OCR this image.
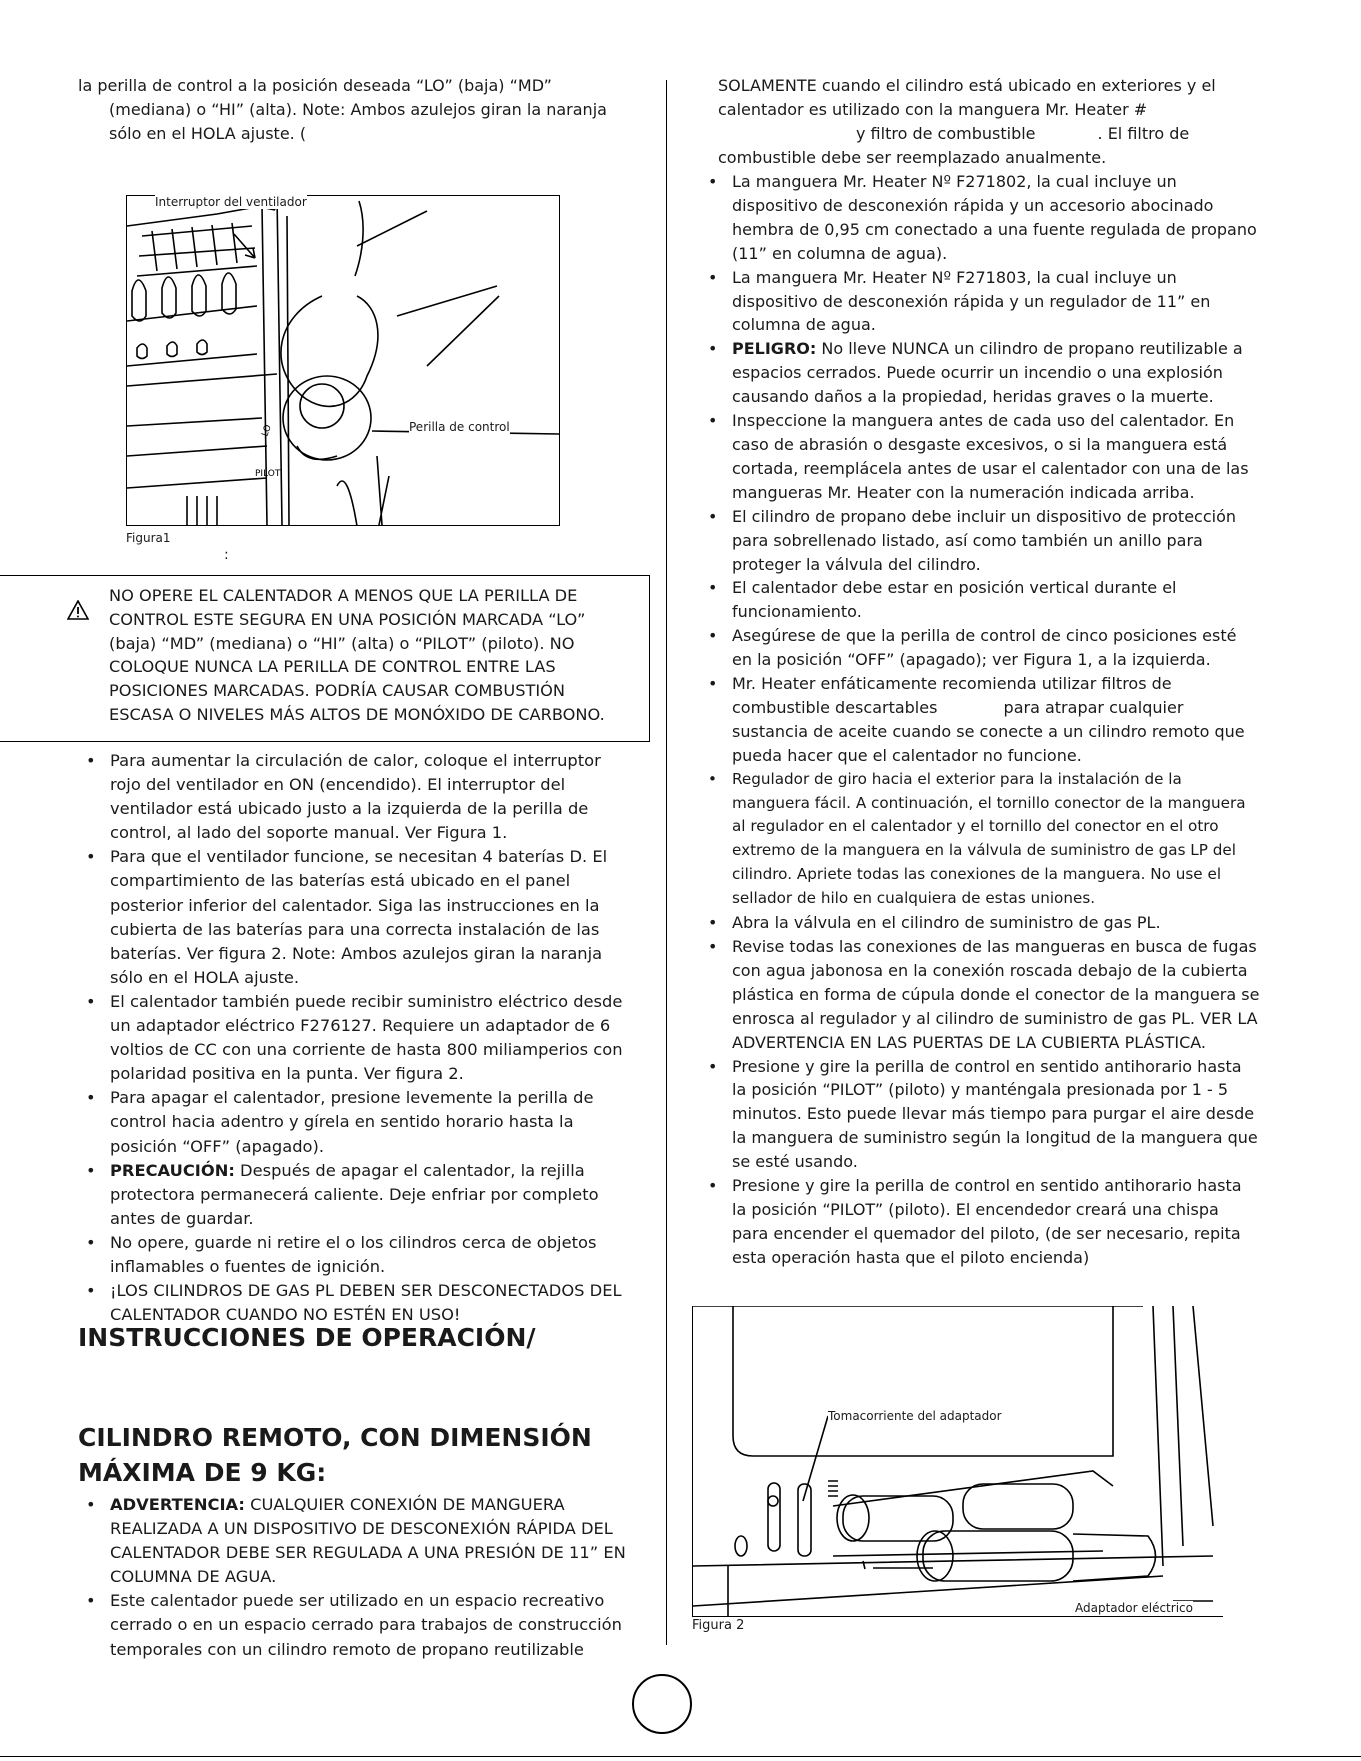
la perilla de control a la posición deseada “LO” (baja) “MD”

(mediana) o “HI” (alta). Note: Ambos azulejos giran la naranja

sólo en el HOLA ajuste. (

LO
PILOT
Interruptor del ventilador
Perilla de control
Figura1
:

NO OPERE EL CALENTADOR A MENOS QUE LA PERILLA DE CONTROL ESTE SEGURA EN UNA POSICIÓN MARCADA “LO” (baja) “MD” (mediana) o “HI” (alta) o “PILOT” (piloto). NO COLOQUE NUNCA LA PERILLA DE CONTROL ENTRE LAS POSICIONES MARCADAS. PODRÍA CAUSAR COMBUSTIÓN ESCASA O NIVELES MÁS ALTOS DE MONÓXIDO DE CARBONO.

• Para aumentar la circulación de calor, coloque el interruptor rojo del ventilador en ON (encendido). El interruptor del ventilador está ubicado justo a la izquierda de la perilla de control, al lado del soporte manual. Ver Figura 1.
• Para que el ventilador funcione, se necesitan 4 baterías D. El compartimiento de las baterías está ubicado en el panel posterior inferior del calentador. Siga las instrucciones en la cubierta de las baterías para una correcta instalación de las baterías. Ver figura 2. Note: Ambos azulejos giran la naranja sólo en el HOLA ajuste.
• El calentador también puede recibir suministro eléctrico desde un adaptador eléctrico F276127. Requiere un adaptador de 6 voltios de CC con una corriente de hasta 800 miliamperios con polaridad positiva en la punta. Ver figura 2.
• Para apagar el calentador, presione levemente la perilla de control hacia adentro y gírela en sentido horario hasta la posición “OFF” (apagado).
• PRECAUCIÓN: Después de apagar el calentador, la rejilla protectora permanecerá caliente. Deje enfriar por completo antes de guardar.
• No opere, guarde ni retire el o los cilindros cerca de objetos inflamables o fuentes de ignición.
• ¡LOS CILINDROS DE GAS PL DEBEN SER DESCONECTADOS DEL CALENTADOR CUANDO NO ESTÉN EN USO!
INSTRUCCIONES DE OPERACIÓN/
CILINDRO REMOTO, CON DIMENSIÓN
MÁXIMA DE 9 KG:
• ADVERTENCIA: CUALQUIER CONEXIÓN DE MANGUERA REALIZADA A UN DISPOSITIVO DE DESCONEXIÓN RÁPIDA DEL CALENTADOR DEBE SER REGULADA A UNA PRESIÓN DE 11” EN COLUMNA DE AGUA.
• Este calentador puede ser utilizado en un espacio recreativo cerrado o en un espacio cerrado para trabajos de construcción temporales con un cilindro remoto de propano reutilizable

SOLAMENTE cuando el cilindro está ubicado en exteriores y el

calentador es utilizado con la manguera Mr. Heater #

y filtro de combustible	. El filtro de

combustible debe ser reemplazado anualmente.

• La manguera Mr. Heater Nº F271802, la cual incluye un dispositivo de desconexión rápida y un accesorio abocinado hembra de 0,95 cm conectado a una fuente regulada de propano (11” en columna de agua).
• La manguera Mr. Heater Nº F271803, la cual incluye un dispositivo de desconexión rápida y un regulador de 11” en columna de agua.
• PELIGRO: No lleve NUNCA un cilindro de propano reutilizable a espacios cerrados. Puede ocurrir un incendio o una explosión causando daños a la propiedad, heridas graves o la muerte.
• Inspeccione la manguera antes de cada uso del calentador. En caso de abrasión o desgaste excesivos, o si la manguera está cortada, reemplácela antes de usar el calentador con una de las mangueras Mr. Heater con la numeración indicada arriba.
• El cilindro de propano debe incluir un dispositivo de protección para sobrellenado listado, así como también un anillo para proteger la válvula del cilindro.
• El calentador debe estar en posición vertical durante el funcionamiento.
• Asegúrese de que la perilla de control de cinco posiciones esté en la posición “OFF” (apagado); ver Figura 1, a la izquierda.
• Mr. Heater enfáticamente recomienda utilizar filtros de combustible descartables             para atrapar cualquier sustancia de aceite cuando se conecte a un cilindro remoto que pueda hacer que el calentador no funcione.
• Regulador de giro hacia el exterior para la instalación de la manguera fácil. A continuación, el tornillo conector de la manguera al regulador en el calentador y el tornillo del conector en el otro extremo de la manguera en la válvula de suministro de gas LP del cilindro. Apriete todas las conexiones de la manguera. No use el sellador de hilo en cualquiera de estas uniones.
• Abra la válvula en el cilindro de suministro de gas PL.
• Revise todas las conexiones de las mangueras en busca de fugas con agua jabonosa en la conexión roscada debajo de la cubierta plástica en forma de cúpula donde el conector de la manguera se enrosca al regulador y al cilindro de suministro de gas PL. VER LA ADVERTENCIA EN LAS PUERTAS DE LA CUBIERTA PLÁSTICA.
• Presione y gire la perilla de control en sentido antihorario hasta la posición “PILOT” (piloto) y manténgala presionada por 1 - 5 minutos. Esto puede llevar más tiempo para purgar el aire desde la manguera de suministro según la longitud de la manguera que se esté usando.
• Presione y gire la perilla de control en sentido antihorario hasta la posición “PILOT” (piloto). El encendedor creará una chispa para encender el quemador del piloto, (de ser necesario, repita esta operación hasta que el piloto encienda)
Tomacorriente del adaptador
Adaptador eléctrico
Figura 2
